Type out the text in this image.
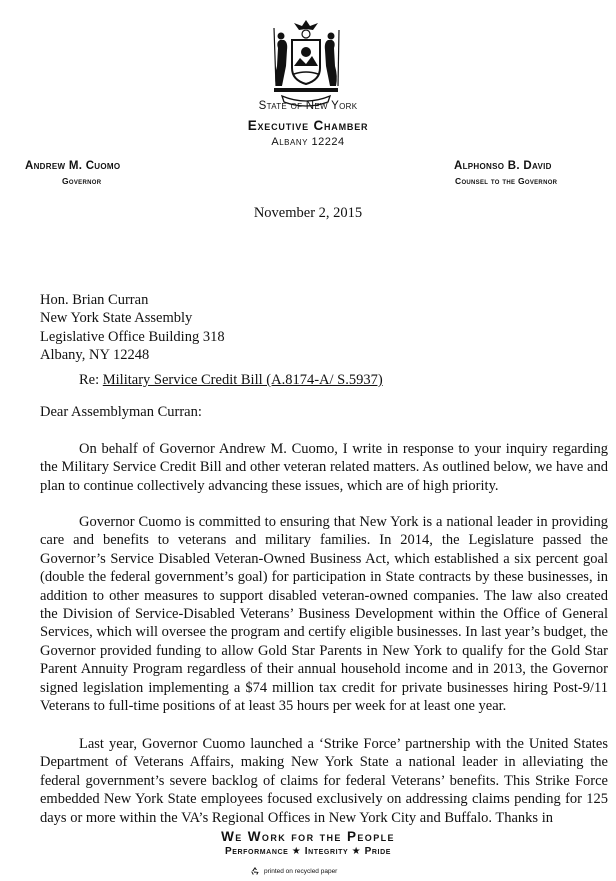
State of New York
Executive Chamber
Albany 12224
Andrew M. Cuomo
Governor
Alphonso B. David
Counsel to the Governor
November 2, 2015
Hon. Brian Curran
New York State Assembly
Legislative Office Building 318
Albany, NY 12248
Re: Military Service Credit Bill (A.8174-A/ S.5937)
Dear Assemblyman Curran:
On behalf of Governor Andrew M. Cuomo, I write in response to your inquiry regarding the Military Service Credit Bill and other veteran related matters. As outlined below, we have and plan to continue collectively advancing these issues, which are of high priority.
Governor Cuomo is committed to ensuring that New York is a national leader in providing care and benefits to veterans and military families. In 2014, the Legislature passed the Governor’s Service Disabled Veteran-Owned Business Act, which established a six percent goal (double the federal government’s goal) for participation in State contracts by these businesses, in addition to other measures to support disabled veteran-owned companies. The law also created the Division of Service-Disabled Veterans’ Business Development within the Office of General Services, which will oversee the program and certify eligible businesses. In last year’s budget, the Governor provided funding to allow Gold Star Parents in New York to qualify for the Gold Star Parent Annuity Program regardless of their annual household income and in 2013, the Governor signed legislation implementing a $74 million tax credit for private businesses hiring Post-9/11 Veterans to full-time positions of at least 35 hours per week for at least one year.
Last year, Governor Cuomo launched a ‘Strike Force’ partnership with the United States Department of Veterans Affairs, making New York State a national leader in alleviating the federal government’s severe backlog of claims for federal Veterans’ benefits. This Strike Force embedded New York State employees focused exclusively on addressing claims pending for 125 days or more within the VA’s Regional Offices in New York City and Buffalo. Thanks in
We Work for the People
Performance ★ Integrity ★ Pride
printed on recycled paper
